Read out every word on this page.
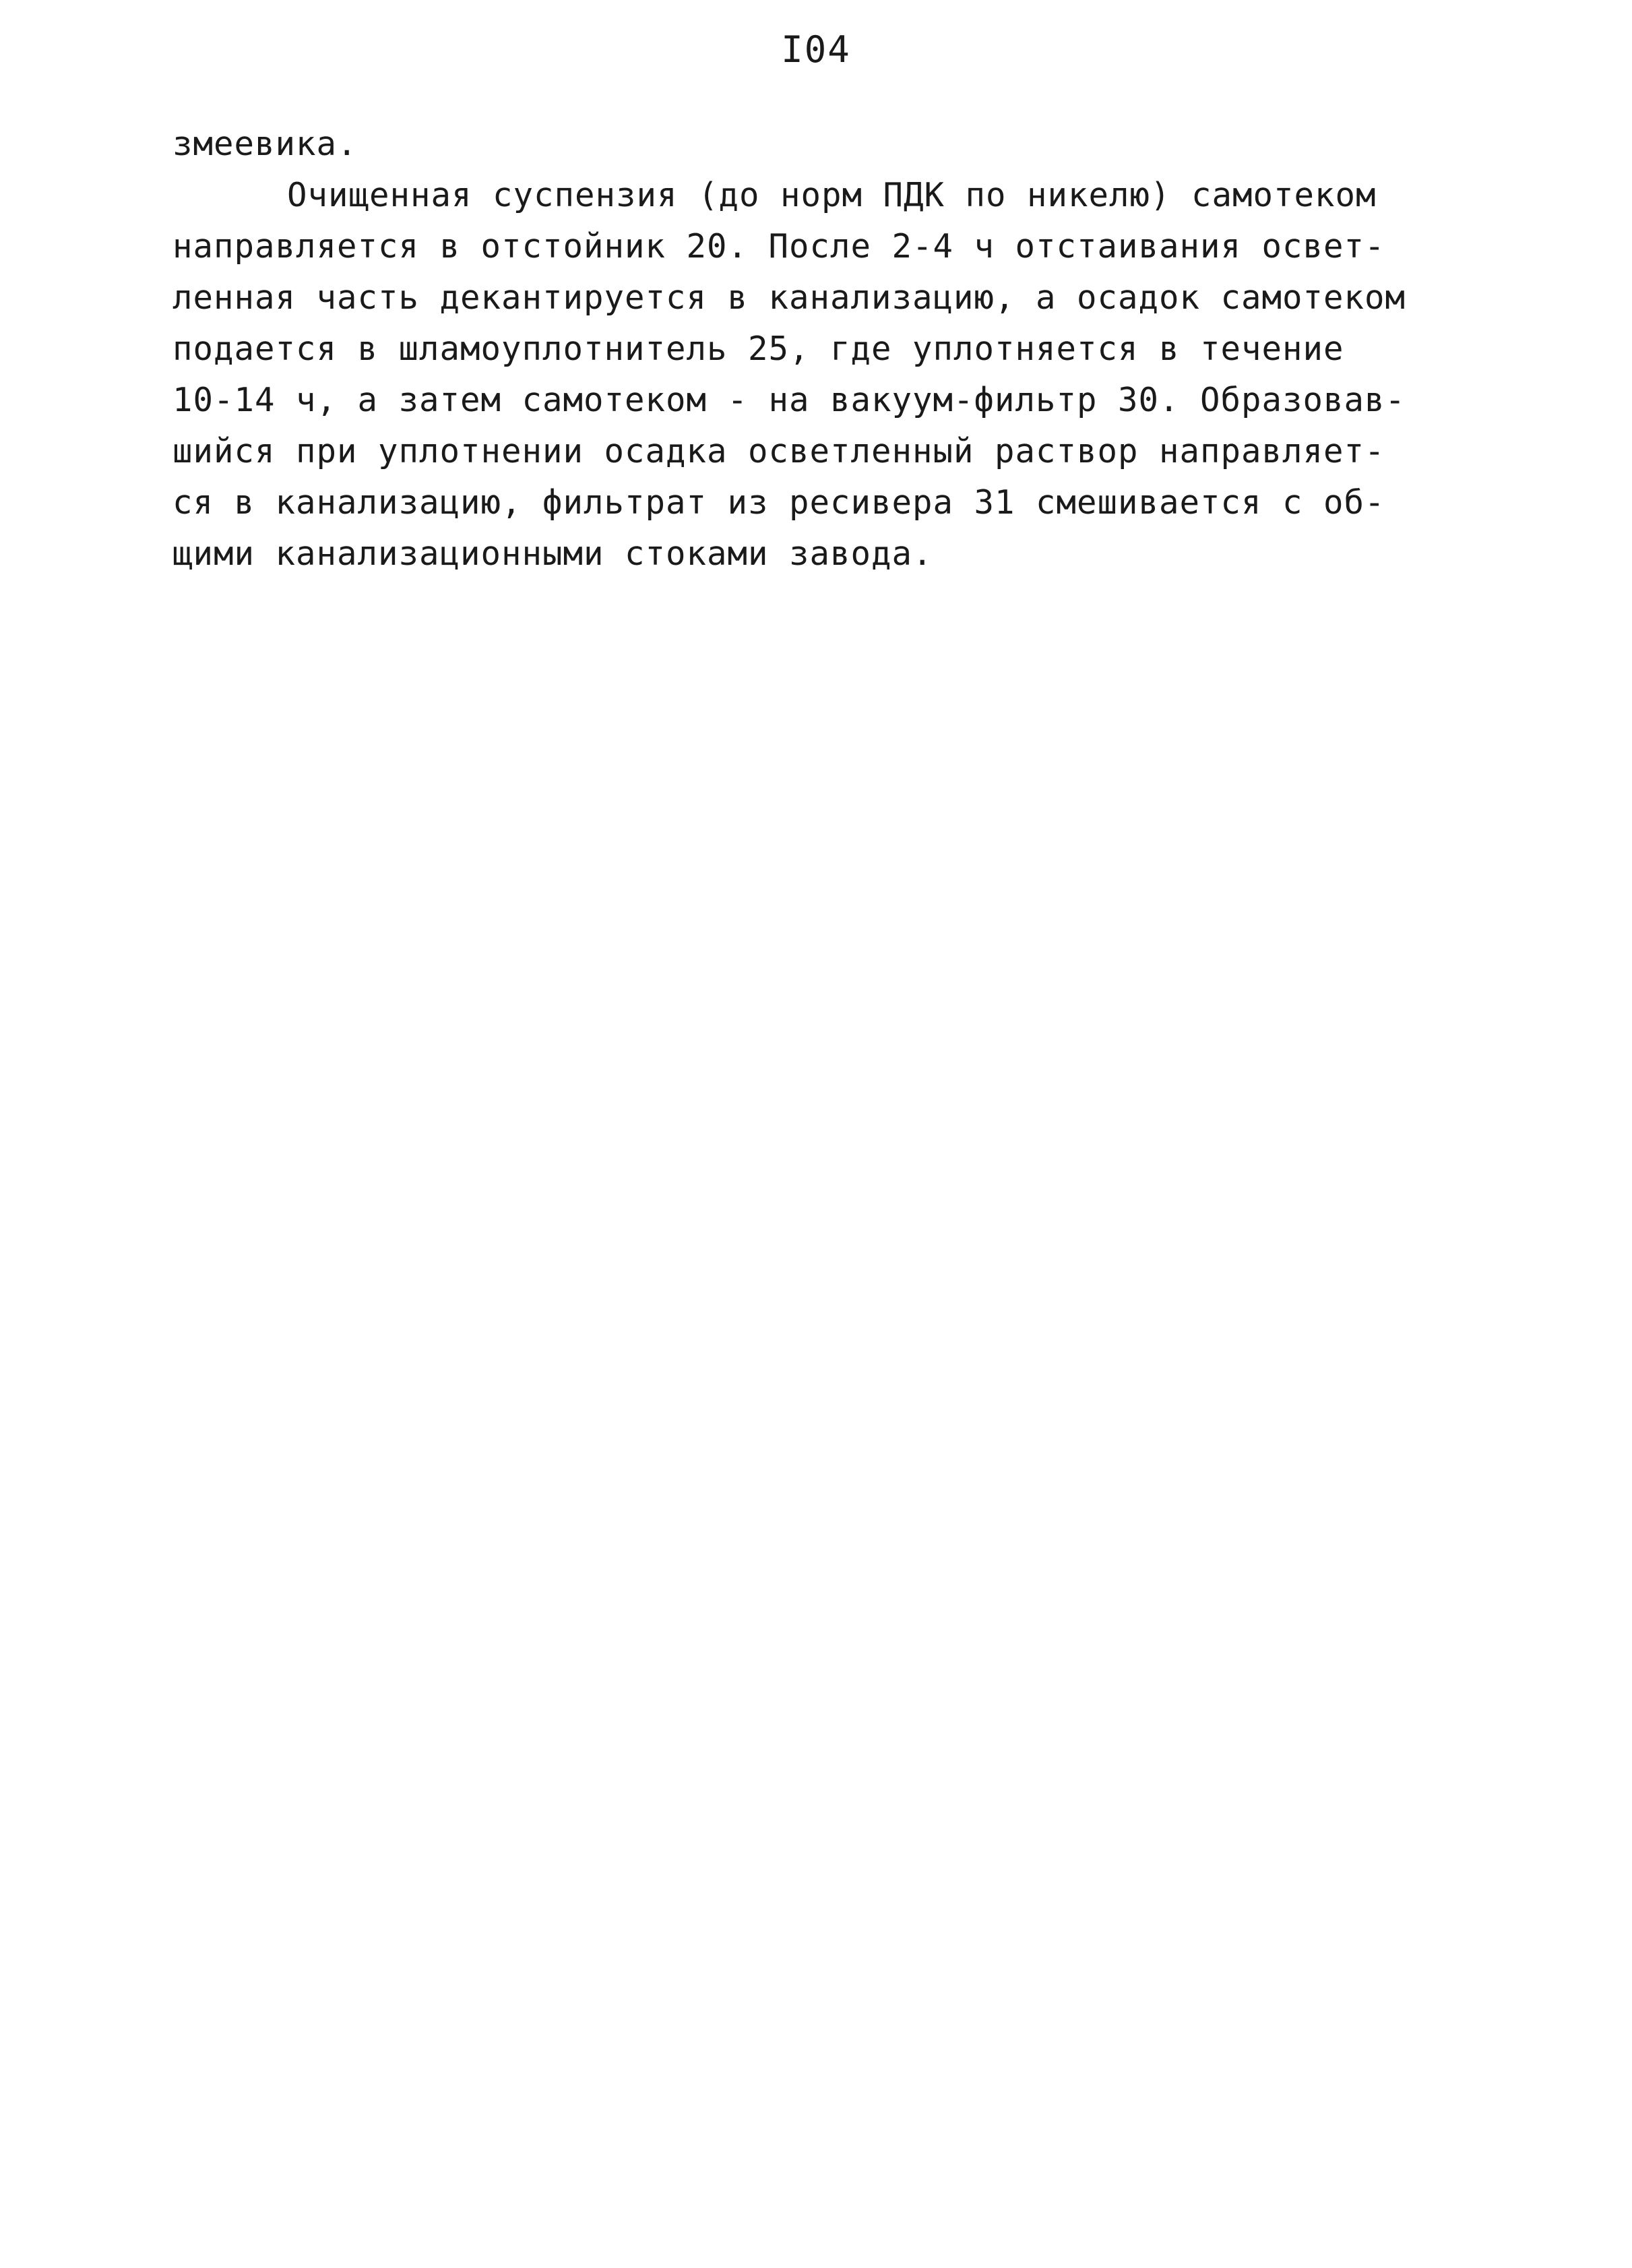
I04
змеевика.
Очищенная суспензия (до норм ПДК по никелю) самотеком
направляется в отстойник 20. После 2-4 ч отстаивания освет-
ленная часть декантируется в канализацию, а осадок самотеком
подается в шламоуплотнитель 25, где уплотняется в течение
10-14 ч, а затем самотеком - на вакуум-фильтр 30. Образовав-
шийся при уплотнении осадка осветленный раствор направляет-
ся в канализацию, фильтрат из ресивера 31 смешивается с об-
щими канализационными стоками завода.
